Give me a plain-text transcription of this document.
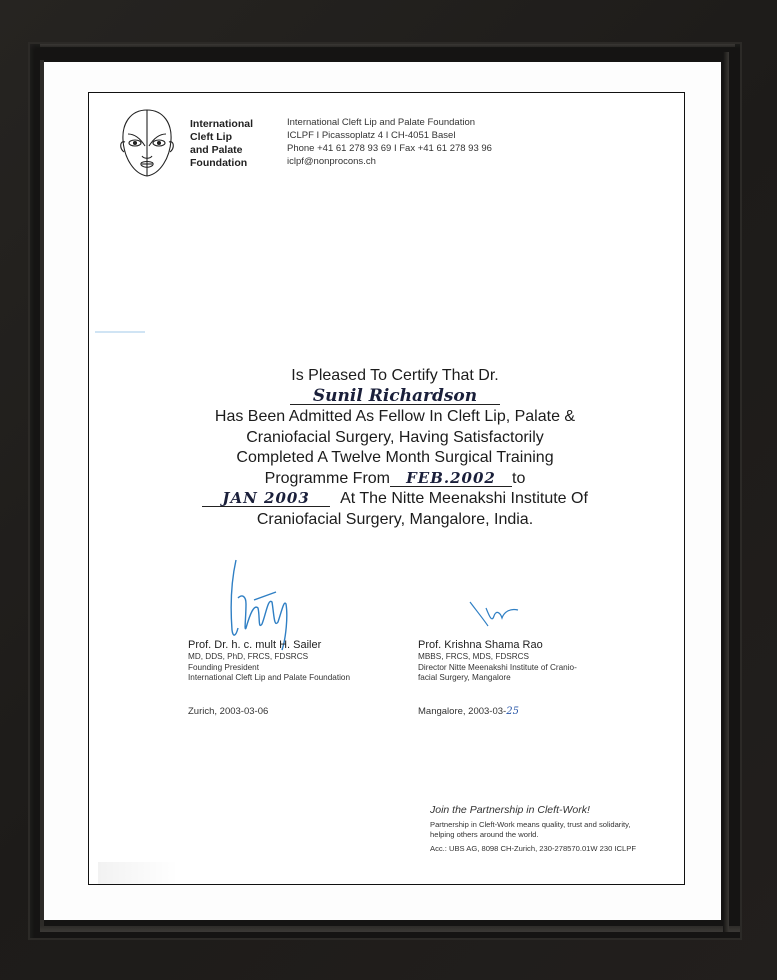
International
Cleft Lip
and Palate
Foundation
International Cleft Lip and Palate Foundation
ICLPF I Picassoplatz 4 I CH-4051 Basel
Phone +41 61 278 93 69 I Fax +41 61 278 93 96
iclpf@nonprocons.ch
Is Pleased To Certify That Dr.
Sunil Richardson
Has Been Admitted As Fellow In Cleft Lip, Palate &
Craniofacial Surgery, Having Satisfactorily
Completed A Twelve Month Surgical Training
Programme From FEB.2002 to
JAN 2003 At The Nitte Meenakshi Institute Of
Craniofacial Surgery, Mangalore, India.
Prof. Dr. h. c. mult H. Sailer
MD, DDS, PhD, FRCS, FDSRCS
Founding President
International Cleft Lip and Palate Foundation
Zurich, 2003-03-06
Prof. Krishna Shama Rao
MBBS, FRCS, MDS, FDSRCS
Director Nitte Meenakshi Institute of Cranio-
facial Surgery, Mangalore
Mangalore, 2003-03-25
Join the Partnership in Cleft-Work!
Partnership in Cleft-Work means quality, trust and solidarity,
helping others around the world.
Acc.: UBS AG, 8098 CH-Zurich, 230-278570.01W 230 ICLPF
